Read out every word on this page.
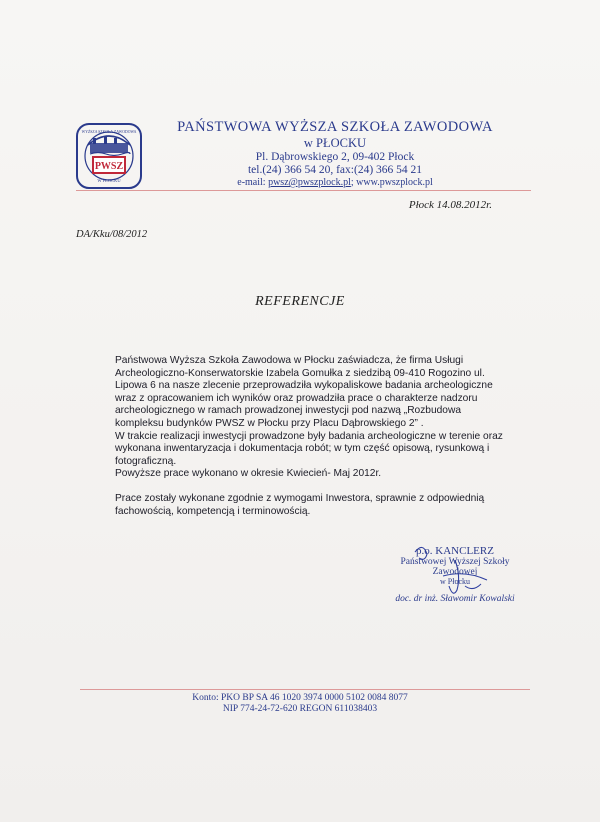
PWSZ
W PŁOCKU
WYŻSZA SZKOŁA ZAWODOWA	PAŃSTWOWA WYŻSZA SZKOŁA ZAWODOWA
w PŁOCKU
Pl. Dąbrowskiego 2, 09-402 Płock
tel.(24) 366 54 20, fax:(24) 366 54 21
e-mail: pwsz@pwszplock.pl; www.pwszplock.pl
Płock 14.08.2012r.
DA/Kku/08/2012
REFERENCJE

Państwowa Wyższa Szkoła Zawodowa w Płocku zaświadcza, że firma Usługi

Archeologiczno-Konserwatorskie Izabela Gomułka z siedzibą 09-410 Rogozino ul.

Lipowa 6 na nasze zlecenie przeprowadziła wykopaliskowe badania archeologiczne

wraz z opracowaniem ich wyników oraz prowadziła prace o charakterze nadzoru

archeologicznego w ramach prowadzonej inwestycji pod nazwą „Rozbudowa

kompleksu budynków PWSZ w Płocku przy Placu Dąbrowskiego 2” .

W trakcie realizacji inwestycji prowadzone były badania archeologiczne w terenie oraz

wykonana inwentaryzacja i dokumentacja robót; w tym część opisową, rysunkową i

fotograficzną.

Powyższe prace wykonano w okresie Kwiecień- Maj 2012r.

Prace zostały wykonane zgodnie z wymogami Inwestora, sprawnie z odpowiednią

fachowością, kompetencją i terminowością.

p.o. KANCLERZ
Państwowej Wyższej Szkoły Zawodowej
w Płocku
doc. dr inż. Sławomir Kowalski
Konto: PKO BP SA 46 1020 3974 0000 5102 0084 8077
NIP 774-24-72-620 REGON 611038403
